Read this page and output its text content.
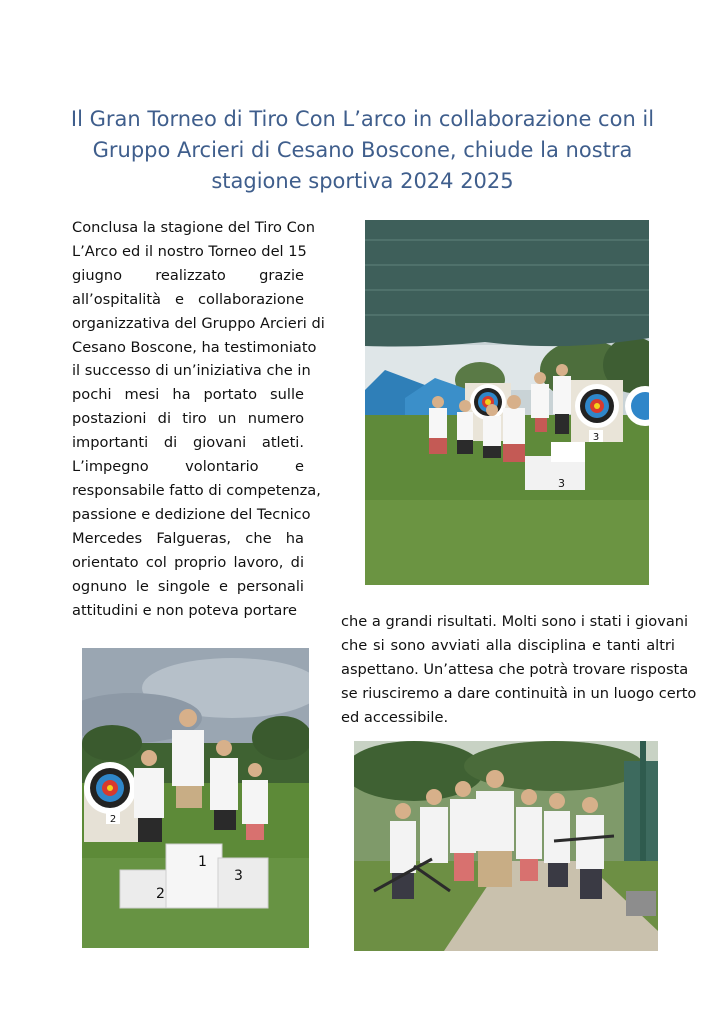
Il Gran Torneo di Tiro Con L’arco in collaborazione con il
Gruppo Arcieri di Cesano Boscone, chiude la nostra
stagione sportiva 2024 2025

Conclusa la stagione del Tiro Con
L’Arco ed il nostro Torneo del 15
giugno realizzato grazie
all’ospitalità e collaborazione
organizzativa del Gruppo Arcieri di
Cesano Boscone, ha testimoniato
il successo di un’iniziativa che in
pochi mesi ha portato sulle
postazioni di tiro un numero
importanti di giovani atleti.
L’impegno volontario e
responsabile fatto di competenza,
passione e dedizione del Tecnico
Mercedes Falgueras, che ha
orientato col proprio lavoro, di
ognuno le singole e personali
attitudini e non poteva portare

che a grandi risultati. Molti sono i stati i giovani
che si sono avviati alla disciplina e tanti altri
aspettano. Un’attesa che potrà trovare risposta
se riusciremo a dare continuità in un luogo certo
ed accessibile.

3
3
2
2
1
3
